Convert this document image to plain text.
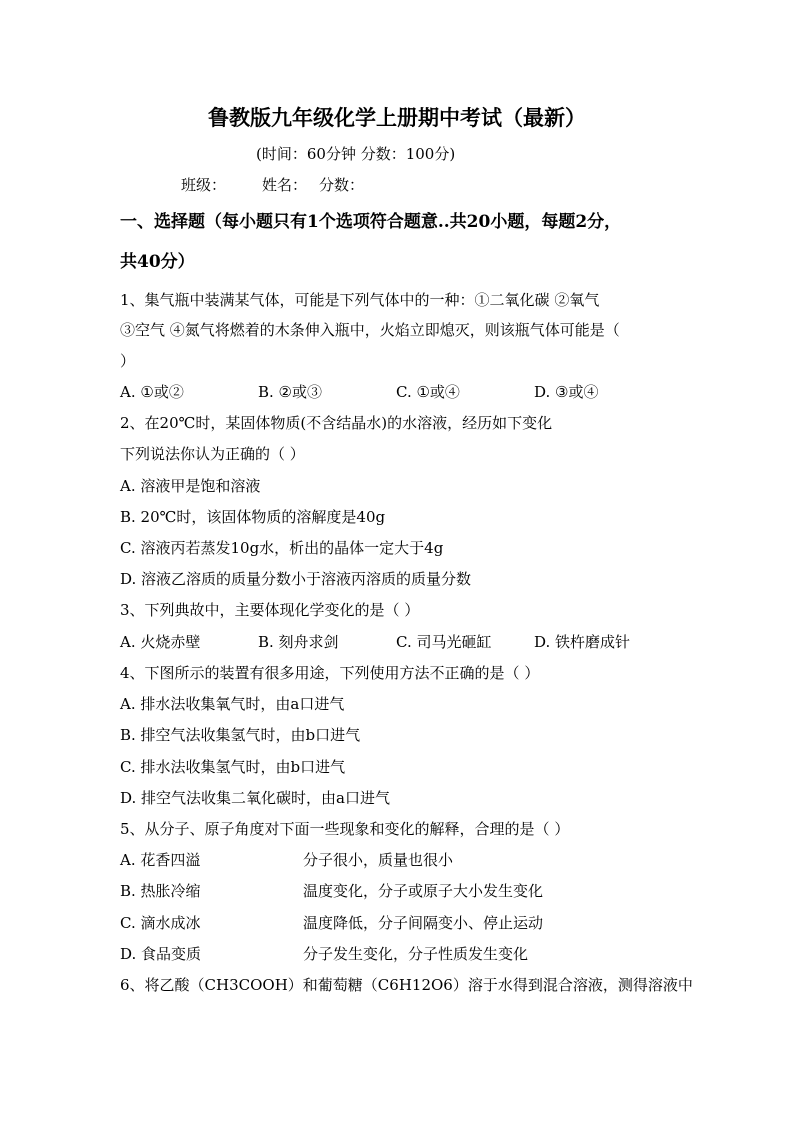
鲁教版九年级化学上册期中考试（最新）
(时间：60分钟 分数：100分)
班级： 姓名： 分数：
一、选择题（每小题只有1个选项符合题意..共20小题，每题2分，
共40分）
1、集气瓶中装满某气体，可能是下列气体中的一种：①二氧化碳 ②氧气
③空气 ④氮气将燃着的木条伸入瓶中，火焰立即熄灭，则该瓶气体可能是（
）
A. ①或②	B. ②或③	C. ①或④	D. ③或④
2、在20℃时，某固体物质(不含结晶水)的水溶液，经历如下变化
下列说法你认为正确的（ ）
A. 溶液甲是饱和溶液
B. 20℃时，该固体物质的溶解度是40g
C. 溶液丙若蒸发10g水，析出的晶体一定大于4g
D. 溶液乙溶质的质量分数小于溶液丙溶质的质量分数
3、下列典故中，主要体现化学变化的是（ ）
A. 火烧赤壁	B. 刻舟求剑	C. 司马光砸缸	D. 铁杵磨成针
4、下图所示的装置有很多用途，下列使用方法不正确的是（ ）
A. 排水法收集氧气时，由a口进气
B. 排空气法收集氢气时，由b口进气
C. 排水法收集氢气时，由b口进气
D. 排空气法收集二氧化碳时，由a口进气
5、从分子、原子角度对下面一些现象和变化的解释，合理的是（ ）
A. 花香四溢	分子很小，质量也很小
B. 热胀冷缩	温度变化，分子或原子大小发生变化
C. 滴水成冰	温度降低，分子间隔变小、停止运动
D. 食品变质	分子发生变化，分子性质发生变化
6、将乙酸（CH3COOH）和葡萄糖（C6H12O6）溶于水得到混合溶液，测得溶液中
